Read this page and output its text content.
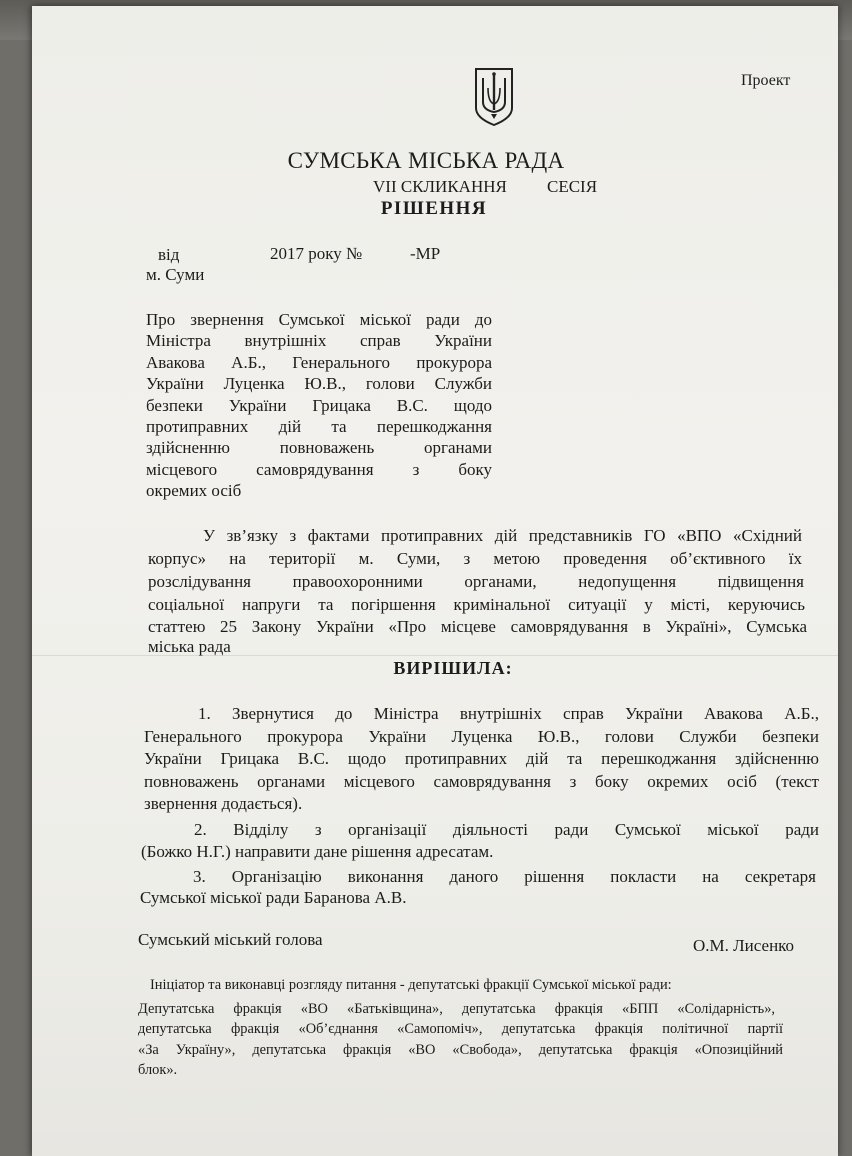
Проект
СУМСЬКА МІСЬКА РАДА
VII СКЛИКАННЯ СЕСІЯ
РІШЕННЯ
від	2017 року №	-МР
м. Суми
Про звернення Сумської міської ради до
Міністра внутрішніх справ України
Авакова А.Б., Генерального прокурора
України Луценка Ю.В., голови Служби
безпеки України Грицака В.С. щодо
протиправних дій та перешкоджання
здійсненню повноважень органами
місцевого самоврядування з боку
окремих осіб
У зв’язку з фактами протиправних дій представників ГО «ВПО «Східний
корпус» на території м. Суми, з метою проведення об’єктивного їх
розслідування правоохоронними органами, недопущення підвищення
соціальної напруги та погіршення кримінальної ситуації у місті, керуючись
статтею 25 Закону України «Про місцеве самоврядування в Україні», Сумська
міська рада
ВИРІШИЛА:
1. Звернутися до Міністра внутрішніх справ України Авакова А.Б.,
Генерального прокурора України Луценка Ю.В., голови Служби безпеки
України Грицака В.С. щодо протиправних дій та перешкоджання здійсненню
повноважень органами місцевого самоврядування з боку окремих осіб (текст
звернення додається).
2. Відділу з організації діяльності ради Сумської міської ради
(Божко Н.Г.) направити дане рішення адресатам.
3. Організацію виконання даного рішення покласти на секретаря
Сумської міської ради Баранова А.В.
Сумський міський голова	О.М. Лисенко
Ініціатор та виконавці розгляду питання - депутатські фракції Сумської міської ради:
Депутатська фракція «ВО «Батьківщина», депутатська фракція «БПП «Солідарність»,
депутатська фракція «Об’єднання «Самопоміч», депутатська фракція політичної партії
«За Україну», депутатська фракція «ВО «Свобода», депутатська фракція «Опозиційний
блок».
